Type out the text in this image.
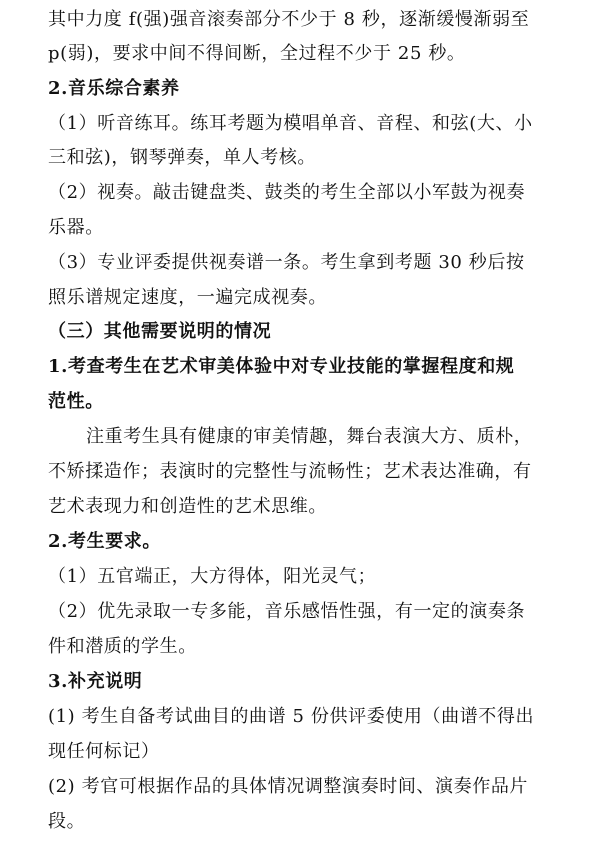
其中力度 f(强)强音滚奏部分不少于 8 秒，逐渐缓慢渐弱至
p(弱)，要求中间不得间断，全过程不少于 25 秒。
2.音乐综合素养
（1）听音练耳。练耳考题为模唱单音、音程、和弦(大、小
三和弦)，钢琴弹奏，单人考核。
（2）视奏。敲击键盘类、鼓类的考生全部以小军鼓为视奏
乐器。
（3）专业评委提供视奏谱一条。考生拿到考题 30 秒后按
照乐谱规定速度，一遍完成视奏。
（三）其他需要说明的情况
1.考查考生在艺术审美体验中对专业技能的掌握程度和规
范性。
注重考生具有健康的审美情趣，舞台表演大方、质朴，
不矫揉造作；表演时的完整性与流畅性；艺术表达准确，有
艺术表现力和创造性的艺术思维。
2.考生要求。
（1）五官端正，大方得体，阳光灵气；
（2）优先录取一专多能，音乐感悟性强，有一定的演奏条
件和潜质的学生。
3.补充说明
(1) 考生自备考试曲目的曲谱 5 份供评委使用（曲谱不得出
现任何标记）
(2) 考官可根据作品的具体情况调整演奏时间、演奏作品片
段。
